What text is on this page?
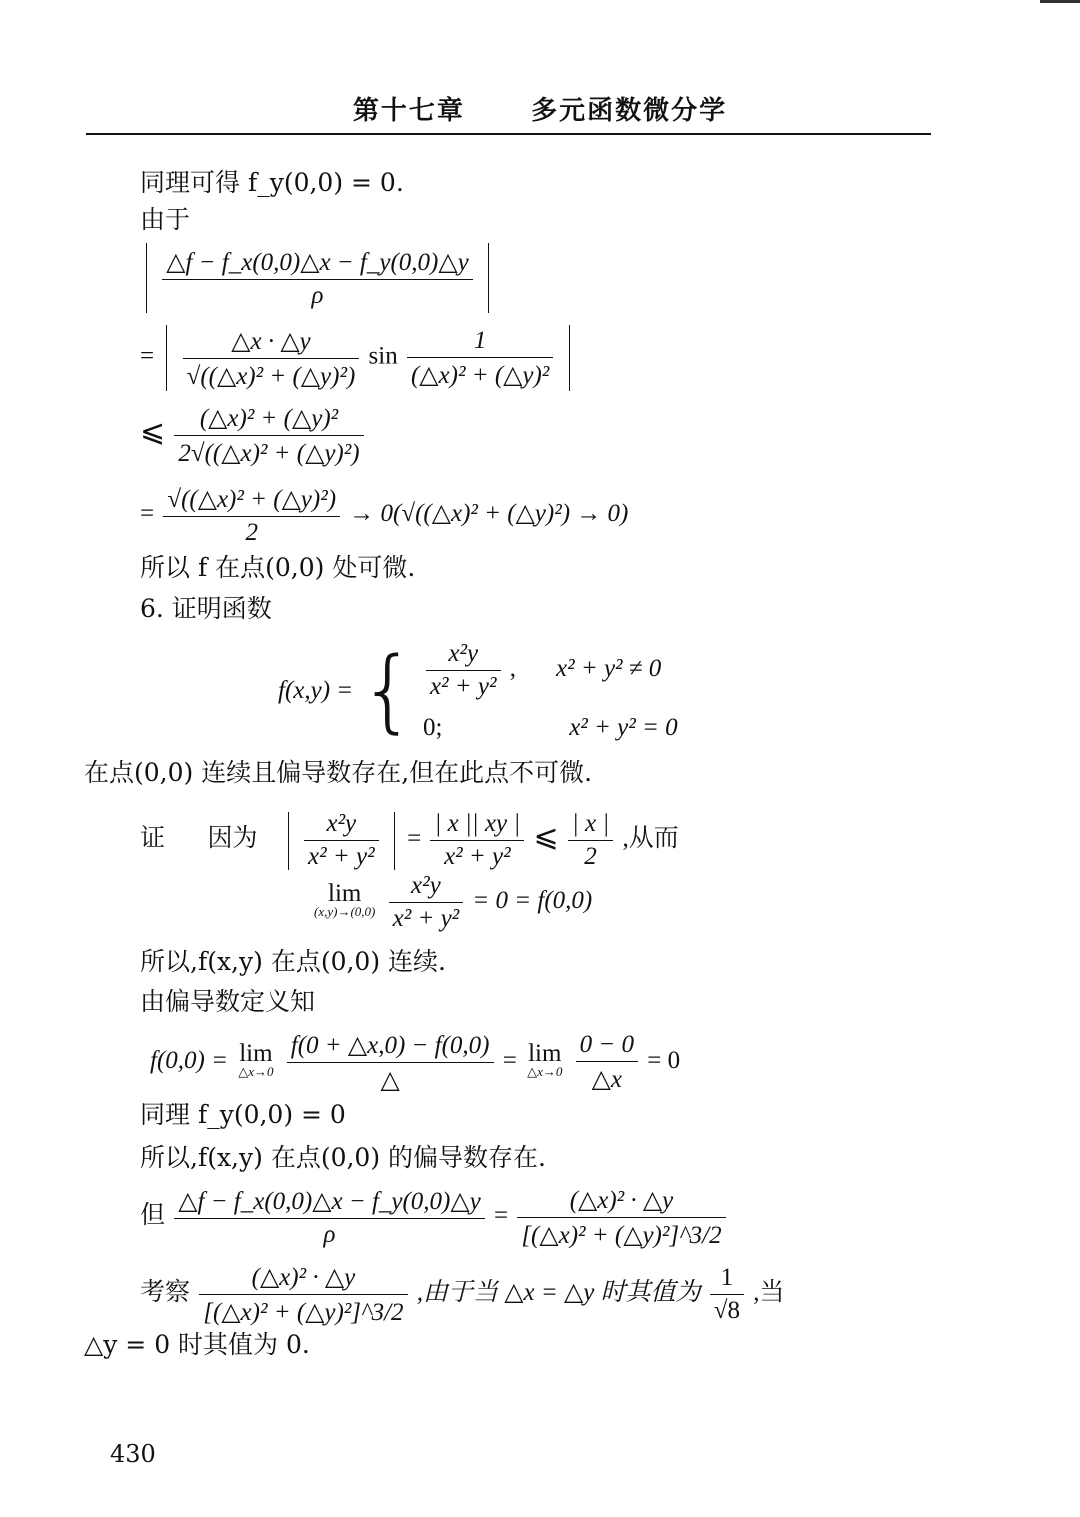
第十七章	多元函数微分学
同理可得 f_y(0,0) = 0.
由于

$\frac{\triangle f - f\_x(0,0)\triangle x - f\_y(0,0)\triangle y}{\rho}$

= $\frac{\triangle x \cdot \triangle y}{\text{√((△x)² + (△y)²)}}$ $\sin \frac{1}{\text{(△x)² + (△y)²}}$

⩽ $\frac{\text{(△x)² + (△y)²}}{\text{2√((△x)² + (△y)²)}}$
= $\frac{\text{√((△x)² + (△y)²)}}{2}$ → 0(√((△x)² + (△y)²) → 0)
所以 f 在点(0,0) 处可微.
6. 证明函数
f(x,y) = { $\frac{\text{x²y}}{\text{x² + y²}}$ , x² + y² ≠ 0
0;	x² + y² = 0
在点(0,0) 连续且偏导数存在,但在此点不可微.
证 因为 $\frac{\text{x²y}}{\text{x² + y²}} = \frac{| x || xy |}{\text{x² + y²}}$ ⩽ $\frac{| x |}{2}$ ,从而
lim
(x,y)→(0,0)
$\frac{\text{x²y}}{\text{x² + y²}} = 0 = f(0,0)$
所以,f(x,y) 在点(0,0) 连续.
由偏导数定义知
f(0,0) = lim
△x→0
$\frac{f(0 + \triangle x,0) - f(0,0)}{\triangle} = \lim$
△x→0
$\frac{0 - 0}{\triangle x} = 0$
同理 f_y(0,0) = 0
所以,f(x,y) 在点(0,0) 的偏导数存在.
但 $\frac{\triangle f - f\_x(0,0)\triangle x - f\_y(0,0)\triangle y}{\rho} = \frac{\text{(△x)² · △y}}{\text{[(△x)² + (△y)²]\textasciicircum{}3/2}}$
考察 $\frac{\text{(△x)² · △y}}{\text{[(△x)² + (△y)²]\textasciicircum{}3/2}}$ ,由于当 △x = △y 时其值为 $\frac{1}{√8}$ ,当
△y = 0 时其值为 0.
430
